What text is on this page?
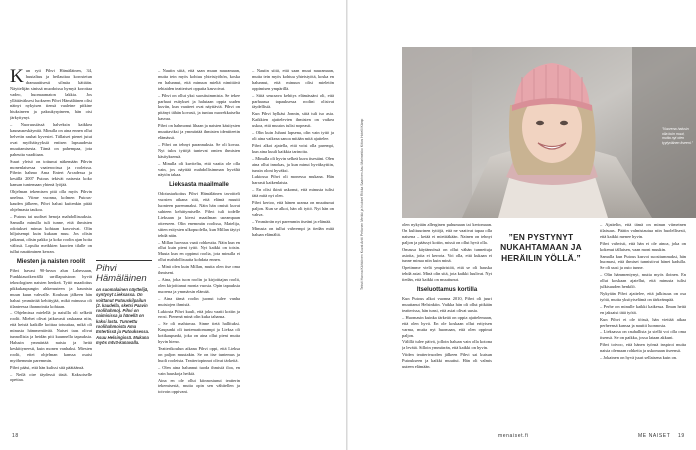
Kun ryti Pihvi Hämäläinen, 34, huutaltuu ja heilauttaa korostetun dramaattisesti silmäa kättään. Näyttelijän sinissä muodoissa hymyä korottaa vadeo, huomaamaton lakkia. Jos yllättäväksesi luokseen Pihvi Hämäläinen olisi näinyt nykyisen tiensä vaaleine pitkine hiuksineen ja paksukyrpineen, hän oisi järkyttynyt.

– Nuoruusiässä halveksin kaikkea kaunauseskäyntiä. Minulla on aina ennen ollut helvetin rauhat kyvesiet. Tällaiset pienet jutut ovat myöhäisyyksiä entisen lapsuudesta muuttamisesta. Tämä on pahempaa, jota paheutta vaaditaan.

Suuri yleisö on tottunut näkemään Pihvin monenlaisessa vaaterooissa ja rooleissa. Pihvin hahmo Ama Entert Arcadessa ja kesällä 2007 Putous tekivät naisesta koko kansan tuntemaan yhtenä lyöjää.

Ohjelman tekemisen pitä olla myös Pihvin unelma. Viime vuonna, kolmen Putous-kauden jälkeen, Pihvi halusi kuitenkin pitää ohjelmasta taukoa.

– Putous tai uudiset henoja mahdollisuuksia. Samalla minulla tuli tunne, että ihmisten odotukset minua kohtaan kasvoivat. Olin hiljaisempi kuin kukaan muu. Jos olisin jatkanut, olisin pakko ja koko roolin ajan hoita välissä. Lopulta meikkien kuorien tilalle on tullut nauttiminen kerran.

Miesten ja naisten roolit

Pihvi havasi 90-luvun alun Lahessaan, Funkkiasoikerrällä urrillapuistoon hyvät teknologisen naisten henkeä. Tyttö maadoitus pikkukaupungin ahkeruuteen ja kaunistu muun kuun vahvalle. Kouluun jälkeen hän halusi ymmärtää kehittyjää, mikä minussa oli tilanteessa ihannointia kohtaan.

– Ohjelmissa mielellä ja naisilla oli selkeät roolit. Miehet olivat jatkuvasti raskaana niin, että heistä kaikille koittaa totuuttaa, mikä oli minusta hämmentävää. Naiset taas olivat tunnollisia ja heidän piti kuunnella tapauksia. Halusin ymmärtää naisia ja heitä keskittyneesti, kuin monen vanhaksi. Miesten roolit, ettei ohjelman kanssa osaisi myöhemmin paremmin.

Pihvi pääsi, että hän kulissi sitä päätäänsä.

– Neilä oire täydessä tästä. Kaksoiselle opettaa.

Pihvi Hämäläinen
on suomalainen näyttelijä, syntynyt Lieksassa. On voittanut Putouskilpailun (2. kaudella, sketsi Paavin roolihahmo). Pihvi on naimisissa ja hänellä on kaksi lasta. Tunnettu roolihahmoista Ama Entertissä ja Putouksessa. Asuu Helsingissä. Mukana myös mtv3-kanavalla.

– Nautin siitä, että saan muun nauramaan, mutta tein myös kohtuu yhteistyöhön, koska en halunnut, että minuun mieltä nimittävä tehtaiden teatteriset oppaita kasvoivat.

– Pihvi on ollut yksi suosituimmista. Se tekee parhaat esitykset ja halutaan oppia uuden kuviin, kun vaatteet ovat näyttäviä. Pihvi on pitänyt tähän kovasti, ja tuntuu nuorekkaiselta kasvaa.

Pihvi on hahmonut lihaan ja naisten käsitysten muuttaviksi ja ymmärtää ihmisten identiteetin elämässä.

– Pihvi on tehnyt parannuksia. Se oli kovaa. Nyt tulos tyttöjä tuntevat omien ihmisten käsityksensä.

– Minulla oli kuviteltu, että vaatia ole olla vain, jos näyttää mahdollisimman hyvältä näytön takaa.

Lieksasta maailmalle

Odotustarkoitus Pihvi Hämäläinen tavoitteli vuosien aikana sitä, että elämä muutti luonteen paremmaksi. Näin hän omisti kuvat suhteen kehittymiselle. Pihvi tuli todelle Lieksaan ja kiersi maailman useampaan otteeseen. Olin enemmän roolissa, Matelija, sitten esitysten ulkopuolella, kun Millan täytyi tehdä näin.

– Millan luovuus vaati rohkeutta. Näin kun en ollut kuin pieni tyttö. Nyt kaikki on toisin. Muuta kun en oppinut roolia, jota minulla ei ollut mahdollisuutta kohdata ennen.

– Minä olen kuin Millan, mutta olen itse oma ihmiseni.

– Aina, joka tuon roolin ja kirjoittajan roolit, olen kirjoittanut monia vuosia. Opin tapauksia nuorena ja ymmärsin elämää.

– Aina tämä roolin juonut tulee vanha muistojen ihmisiä.

Lukiosta Pihvi kuuli, että joku vaatii kotiin ja erosi. Pienenä minä olin kuka tahansa.

– Se oli mahtavaa. Sinne tietä hallituksi. Kaupunki oli tuntemattomampi ja Lieksa oli kotikaupunki, joka on aina ollut pieni mutta hyvin hieno.

Teatterikoulun aikana Pihvi oppi, että Lieksa on paljon muutakin. Se on itse tuntemus ja huoli rooleista. Teatteriopinnot olivat tärkeitä.

– Olen aina halunnut tuoda ihmisiä iloa, en vain hauskoja hetkiä.

Aina en ole ollut kiinnostunut teatterin tekemisestä, mutta opin sen vähitellen ja toivoin oppivani.

– Nautin siitä, että saan muut nauramaan, mutta tein myös kohtuu yhteistyötä, koska en halunnut, että minuun olisi mieletön oppimisen ympärillä.

– Siitä seuraava kehitys elämässäni oli, että parhaassa tapauksessa roolini olisivat täydellisiä.

Kun Pihvi hylkäsi Jonnin, siitä tuli iso asia. Kaikkien ajattelevien ihmisten on vaikea uskoa, että muutos tulisi nopeasti.

– Olin kuin Juhani lapsena, olin vain tyttö ja oli aina vaikeaa sanoa mitään mitä ajattelee.

Pihvi alkoi ajatella, että voisi olla parempi, kun aina kuuli kaikkia tarinoita.

– Minulla oli hyvin selkeä kuva itsestäni. Olen aina ollut innokas, ja kun minut hyväksyttiin, tunsin oloni hyväksi.

Lukiossa Pihvi oli monessa mukana. Hän harrasti kaikenlaista.

– En olisi ikinä uskonut, että minusta tulisi tätä mitä nyt olen.

Pihvi kertoo, että hänen uransa on muuttunut paljon. Kun se alkoi, hän oli tyttö. Nyt hän on vahva.

– Ymmärrän nyt paremmin itseäni ja elämää.

Minusta on tullut vahvempi ja tiedän mitä haluan elämältä.

18
Teksti Hanna Kähkönen Kuvat Antti Peltonen Meikki ja hiukset Riikka Saarinen Asu Marimekko Kiitos Hotelli Kämp	”Nuorena halusin olla kuin muut, mutta nyt olen tyytyväinen itseeni.”

olen nykyään allerginen puhumaan tai kertomaan. On kulttuurinen tyttöjä, että ne vaativat tapaa olla naisena – ketää ei mietitäkään. Nainen on tehnyt paljon ja päässyt kotiin, missä on ollut hyvä olla.

Omassa käytännössä on ollut vähän tunnettuja asioita, joita ei kerrota. Voi olla, että kukaan ei tunne minua niin kuin minä.

Opetimme vielä ympäristöä, että se oli hauska tehdä asiat. Minä olin sitä, jota kaikki luulivat. Nyt tiedän, että kaikki on muuttunut.

Itseluottamus kortilla

Kun Putous alkoi vuonna 2010, Pihvi oli juuri muuttanut Helsinkiin. Vaikka hän oli ollut pitkään teatterissa, hän tunsi, että asiat olivat uusia.

– Huomasin kuinka tärkeää on oppia ajattelemaan, että olen hyvä. En ole koskaan ollut erityisen varma, mutta nyt huomaan, että olen oppinut paljon.

Välillä tulee päivä, jolloin haluan vain olla kotona ja levätä. Silloin ymmärrän, että kaikki on hyvin.

Viiden teatterivuoden jälkeen Pihvi sai kutsun Putoukseen ja kaikki muuttui. Hän oli valmis uuteen elämään.

”EN PYSTYNYT NUKAHTAMAAN JA HERÄILIN YÖLLÄ.”

– Ajattelin, että tämä on minun viimeinen tilaisuus. Päätin valmistautua niin huolellisesti, että kaikki menee hyvin.

Pihvi vahvisti, että hän ei ole ainoa, joka on kokenut tällaisen, vaan moni muukin.

Samalla kun Putous kasvoi suositummaksi, hän huomasi, että ihmiset tunnistivat hänet kadulla. Se oli uusi ja outo tunne.

– Olin hämmentynyt, mutta myös iloinen. En ollut koskaan ajatellut, että minusta tulisi julkisuuden henkilö.

Nykyään Pihvi ajattelee, että julkisuus on osa työtä, mutta yksityiselämä on tärkeämpää.

– Perhe on minulle kaikki kaikessa. Ilman heitä en jaksaisi tätä työtä.

Kun Pihvi ei ole töissä, hän viettää aikaa perheensä kanssa ja nauttii luonnosta.

– Lieksassa on rauhallista ja siellä voi olla oma itsensä. Se on paikka, jossa lataan akkuni.

Pihvi toivoo, että hänen työnsä inspiroi muita naisia olemaan rohkeita ja uskomaan itseensä.

– Jokainen on hyvä juuri sellaisena kuin on.

menaiset.fi	ME NAISET 19
